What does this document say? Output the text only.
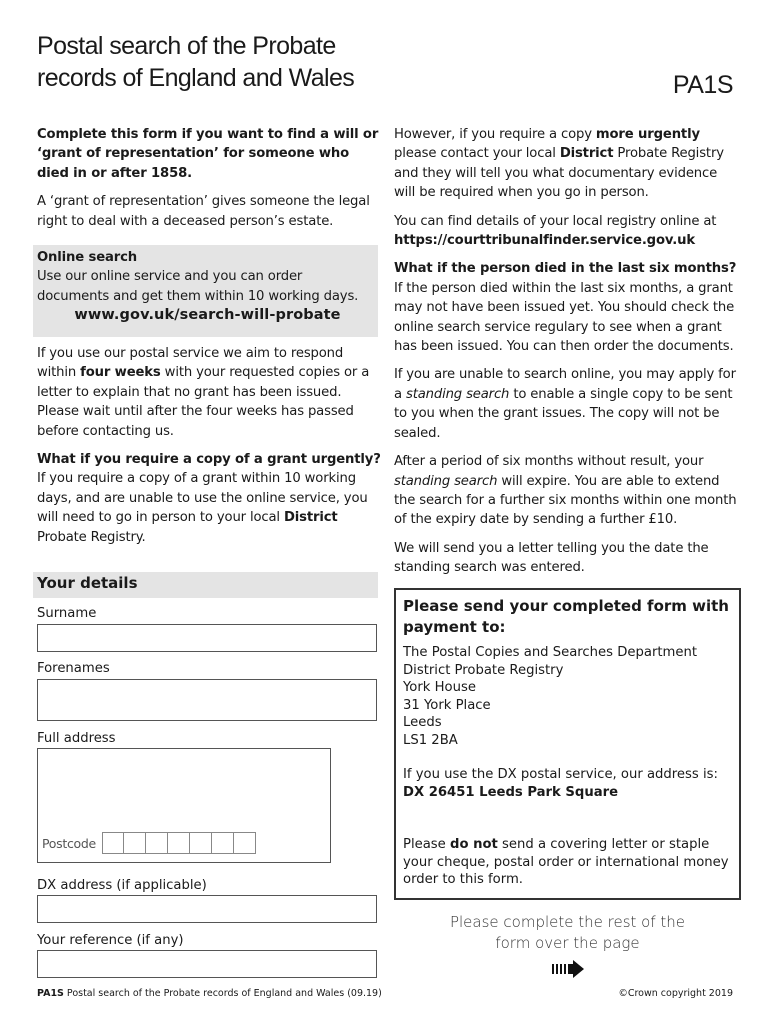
Postal search of the Probate
records of England and Wales	PA1S

Complete this form if you want to find a will or ‘grant of representation’ for someone who died in or after 1858.

A ‘grant of representation’ gives someone the legal right to deal with a deceased person’s estate.

Online search

Use our online service and you can order documents and get them within 10 working days.

www.gov.uk/search-will-probate

If you use our postal service we aim to respond within four weeks with your requested copies or a letter to explain that no grant has been issued. Please wait until after the four weeks has passed before contacting us.

What if you require a copy of a grant urgently?

If you require a copy of a grant within 10 working days, and are unable to use the online service, you will need to go in person to your local District Probate Registry.

Your details
Surname
Forenames
Full address
Postcode
DX address (if applicable)
Your reference (if any)

However, if you require a copy more urgently please contact your local District Probate Registry and they will tell you what documentary evidence will be required when you go in person.

You can find details of your local registry online at

https://courttribunalfinder.service.gov.uk

What if the person died in the last six months?

If the person died within the last six months, a grant may not have been issued yet. You should check the online search service regulary to see when a grant has been issued. You can then order the documents.

If you are unable to search online, you may apply for a standing search to enable a single copy to be sent to you when the grant issues. The copy will not be sealed.

After a period of six months without result, your standing search will expire. You are able to extend the search for a further six months within one month of the expiry date by sending a further £10.

We will send you a letter telling you the date the standing search was entered.

Please send your completed form with payment to:
The Postal Copies and Searches Department
District Probate Registry
York House
31 York Place
Leeds
LS1 2BA
If you use the DX postal service, our address is:
DX 26451 Leeds Park Square
Please do not send a covering letter or staple your cheque, postal order or international money order to this form.
Please complete the rest of the
form over the page
PA1S Postal search of the Probate records of England and Wales (09.19)	©Crown copyright 2019
